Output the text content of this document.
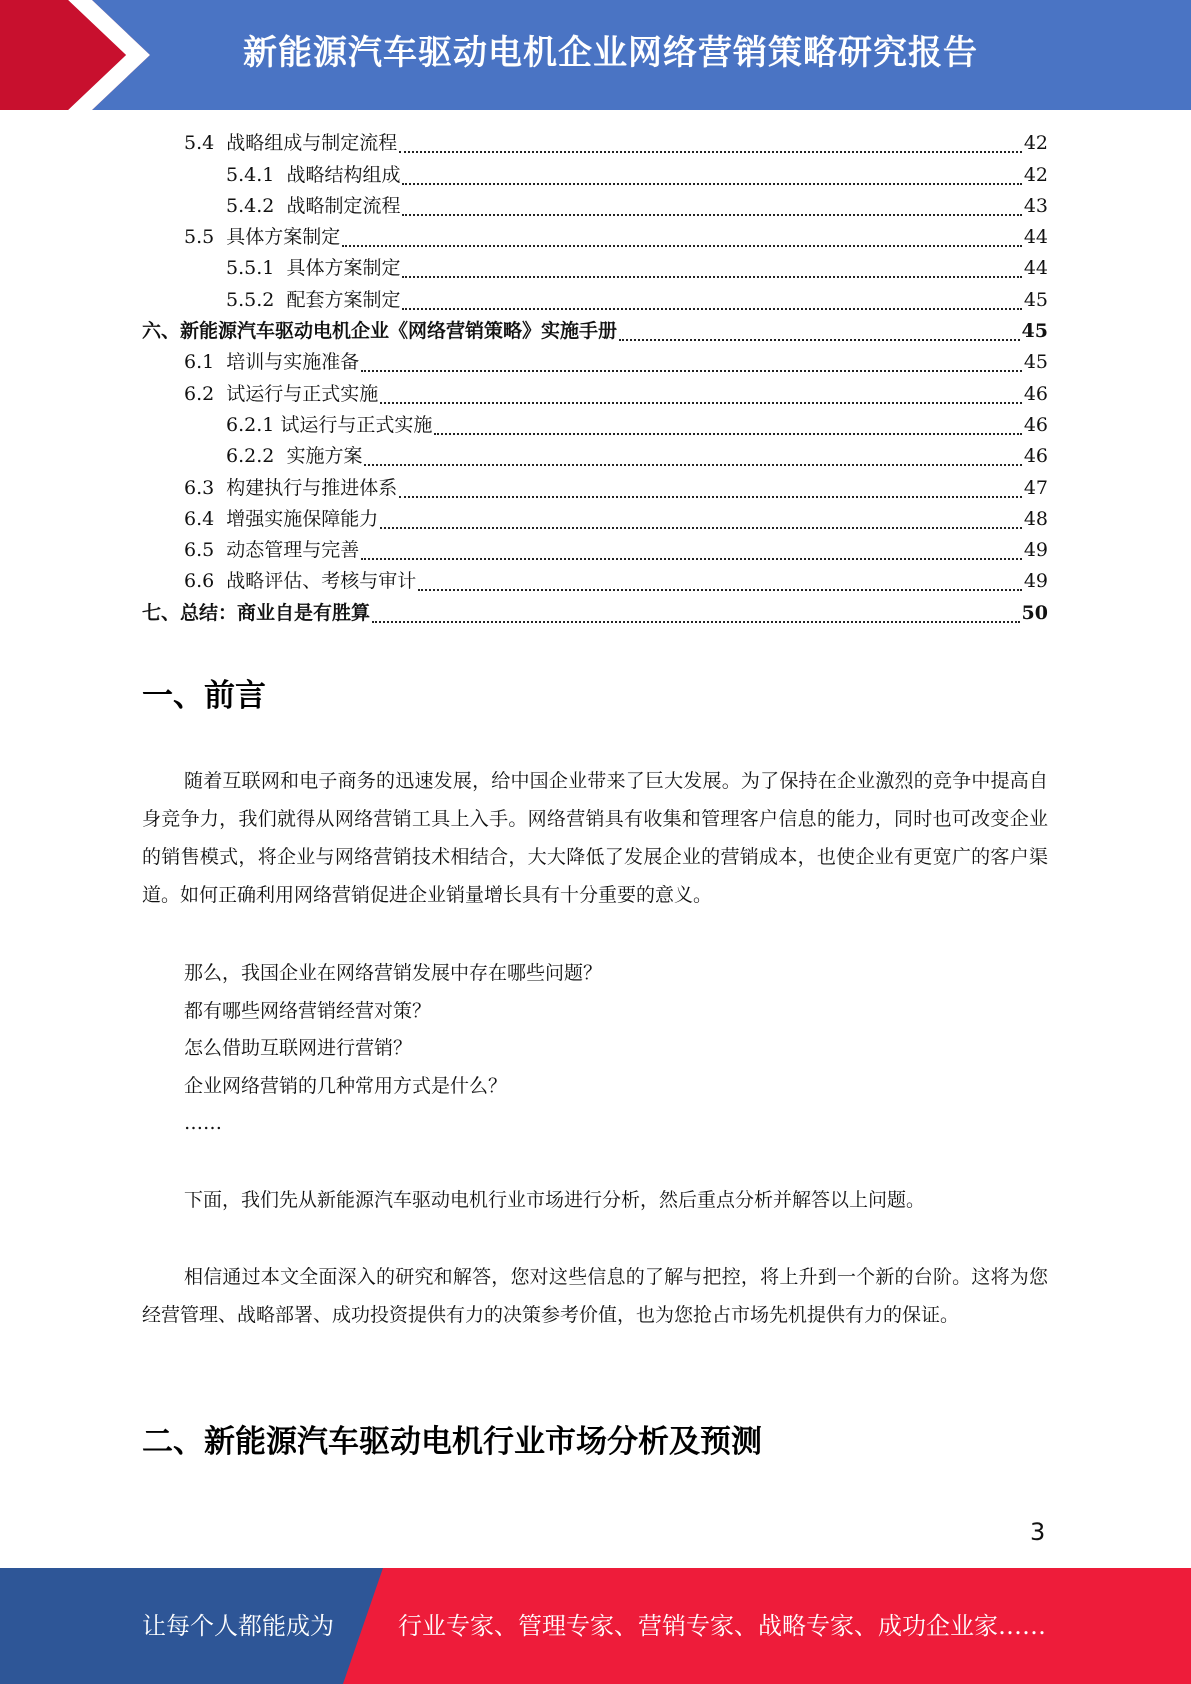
新能源汽车驱动电机企业网络营销策略研究报告
5.4 战略组成与制定流程	42
5.4.1 战略结构组成	42
5.4.2 战略制定流程	43
5.5 具体方案制定	44
5.5.1 具体方案制定	44
5.5.2 配套方案制定	45
六、新能源汽车驱动电机企业《网络营销策略》实施手册	45
6.1 培训与实施准备	45
6.2 试运行与正式实施	46
6.2.1 试运行与正式实施	46
6.2.2 实施方案	46
6.3 构建执行与推进体系	47
6.4 增强实施保障能力	48
6.5 动态管理与完善	49
6.6 战略评估、考核与审计	49
七、总结：商业自是有胜算	50
一、前言

随着互联网和电子商务的迅速发展，给中国企业带来了巨大发展。为了保持在企业激烈的竞争中提高自身竞争力，我们就得从网络营销工具上入手。网络营销具有收集和管理客户信息的能力，同时也可改变企业的销售模式，将企业与网络营销技术相结合，大大降低了发展企业的营销成本，也使企业有更宽广的客户渠道。如何正确利用网络营销促进企业销量增长具有十分重要的意义。

那么，我国企业在网络营销发展中存在哪些问题？
都有哪些网络营销经营对策？
怎么借助互联网进行营销？
企业网络营销的几种常用方式是什么？
……

下面，我们先从新能源汽车驱动电机行业市场进行分析，然后重点分析并解答以上问题。

相信通过本文全面深入的研究和解答，您对这些信息的了解与把控，将上升到一个新的台阶。这将为您经营管理、战略部署、成功投资提供有力的决策参考价值，也为您抢占市场先机提供有力的保证。

二、新能源汽车驱动电机行业市场分析及预测
3
让每个人都能成为	行业专家、管理专家、营销专家、战略专家、成功企业家……
